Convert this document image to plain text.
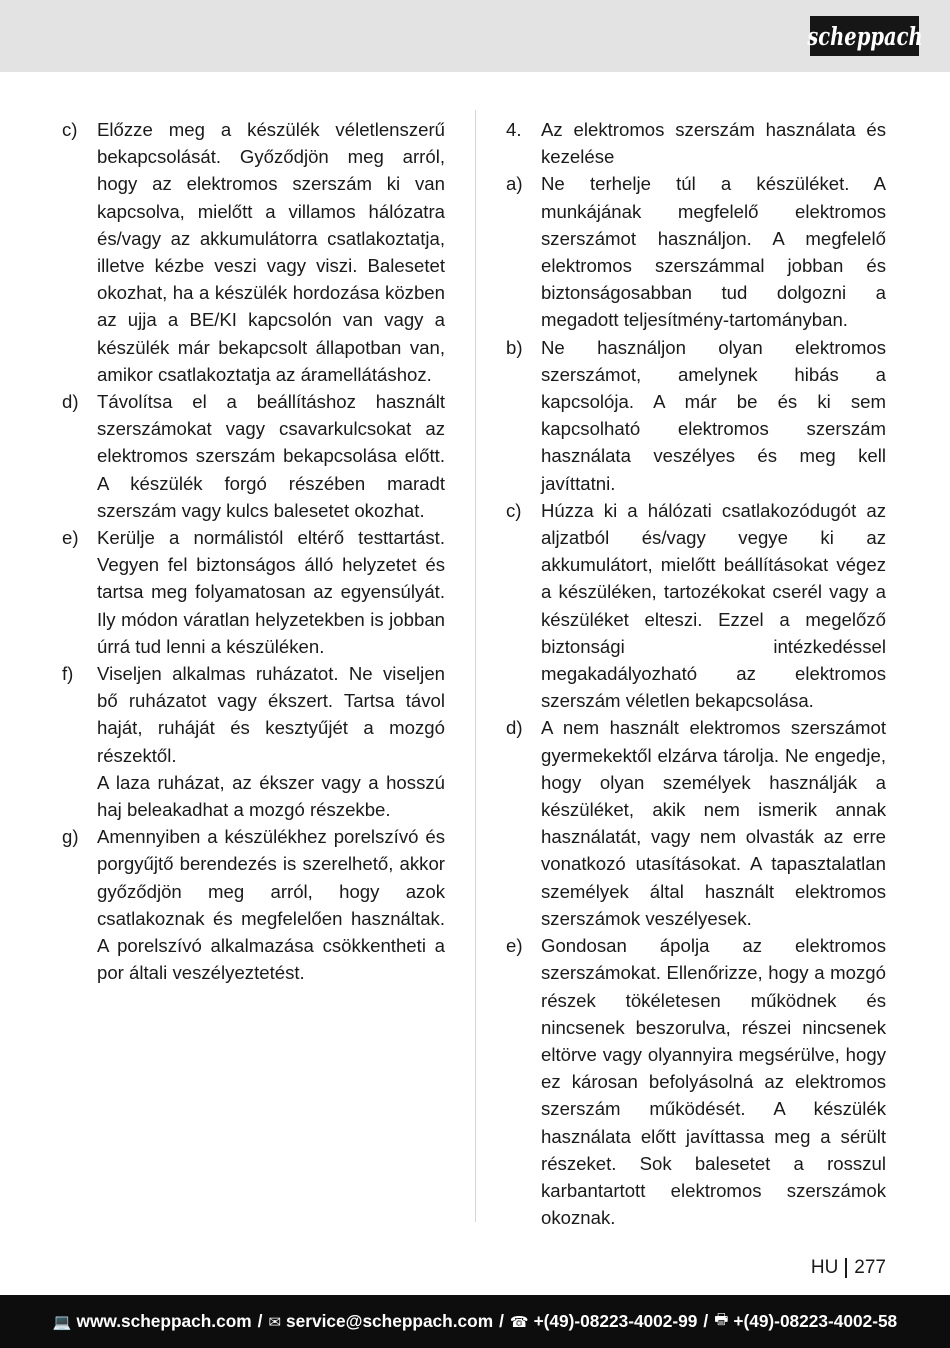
scheppach
c) Előzze meg a készülék véletlenszerű bekapcsolását. Győződjön meg arról, hogy az elektromos szerszám ki van kapcsolva, mielőtt a villamos hálózatra és/vagy az akkumulátorra csatlakoztatja, illetve kézbe veszi vagy viszi. Balesetet okozhat, ha a készülék hordozása közben az ujja a BE/KI kapcsolón van vagy a készülék már bekapcsolt állapotban van, amikor csatlakoztatja az áramellátáshoz.
d) Távolítsa el a beállításhoz használt szerszámokat vagy csavarkulcsokat az elektromos szerszám bekapcsolása előtt. A készülék forgó részében maradt szerszám vagy kulcs balesetet okozhat.
e) Kerülje a normálistól eltérő testtartást. Vegyen fel biztonságos álló helyzetet és tartsa meg folyamatosan az egyensúlyát. Ily módon váratlan helyzetekben is jobban úrrá tud lenni a készüléken.
f) Viseljen alkalmas ruházatot. Ne viseljen bő ruházatot vagy ékszert. Tartsa távol haját, ruháját és kesztyűjét a mozgó részektől.
A laza ruházat, az ékszer vagy a hosszú haj beleakadhat a mozgó részekbe.
g) Amennyiben a készülékhez porelszívó és porgyűjtő berendezés is szerelhető, akkor győződjön meg arról, hogy azok csatlakoznak és megfelelően használtak. A porelszívó alkalmazása csökkentheti a por általi veszélyeztetést.
4. Az elektromos szerszám használata és kezelése
a) Ne terhelje túl a készüléket. A munkájának megfelelő elektromos szerszámot használjon. A megfelelő elektromos szerszámmal jobban és biztonságosabban tud dolgozni a megadott teljesítmény-tartományban.
b) Ne használjon olyan elektromos szerszámot, amelynek hibás a kapcsolója. A már be és ki sem kapcsolható elektromos szerszám használata veszélyes és meg kell javíttatni.
c) Húzza ki a hálózati csatlakozódugót az aljzatból és/vagy vegye ki az akkumulátort, mielőtt beállításokat végez a készüléken, tartozékokat cserél vagy a készüléket elteszi. Ezzel a megelőző biztonsági intézkedéssel megakadályozható az elektromos szerszám véletlen bekapcsolása.
d) A nem használt elektromos szerszámot gyermekektől elzárva tárolja. Ne engedje, hogy olyan személyek használják a készüléket, akik nem ismerik annak használatát, vagy nem olvasták az erre vonatkozó utasításokat. A tapasztalatlan személyek által használt elektromos szerszámok veszélyesek.
e) Gondosan ápolja az elektromos szerszámokat. Ellenőrizze, hogy a mozgó részek tökéletesen működnek és nincsenek beszorulva, részei nincsenek eltörve vagy olyannyira megsérülve, hogy ez károsan befolyásolná az elektromos szerszám működését. A készülék használata előtt javíttassa meg a sérült részeket. Sok balesetet a rosszul karbantartott elektromos szerszámok okoznak.
HU 277
💻 www.scheppach.com / ✉ service@scheppach.com / ☎ +(49)-08223-4002-99 / 🖶 +(49)-08223-4002-58
